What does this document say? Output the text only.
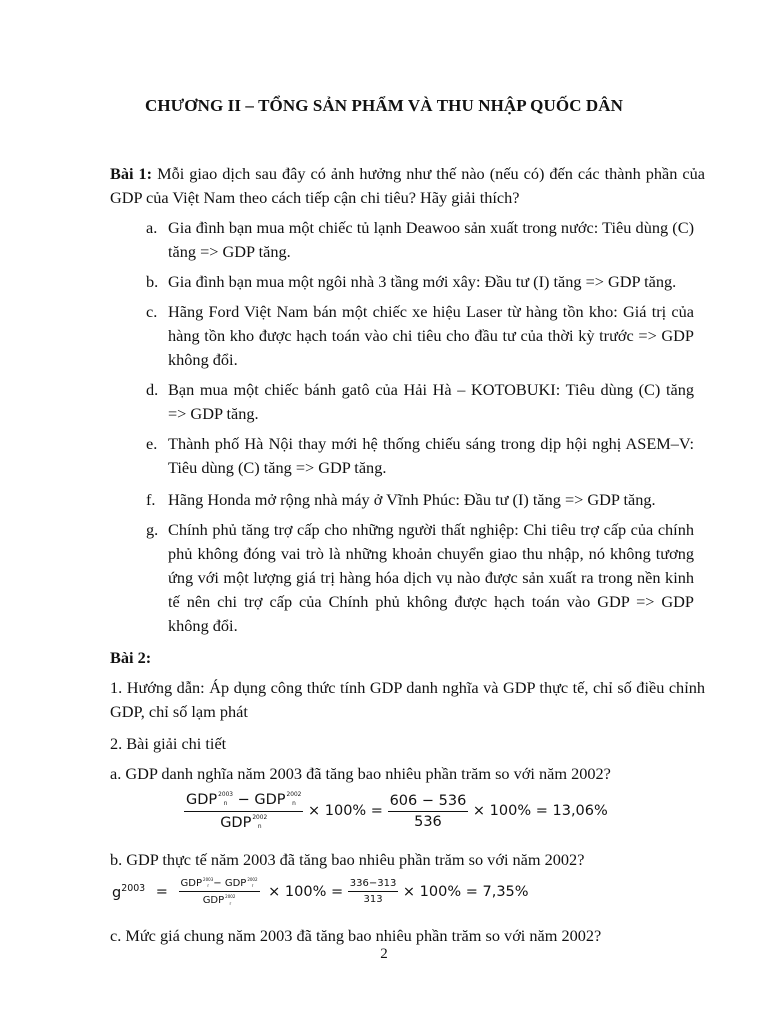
CHƯƠNG II – TỔNG SẢN PHẨM VÀ THU NHẬP QUỐC DÂN
Bài 1: Mỗi giao dịch sau đây có ảnh hưởng như thế nào (nếu có) đến các thành phần của GDP của Việt Nam theo cách tiếp cận chi tiêu? Hãy giải thích?
a. Gia đình bạn mua một chiếc tủ lạnh Deawoo sản xuất trong nước: Tiêu dùng (C) tăng => GDP tăng.
b. Gia đình bạn mua một ngôi nhà 3 tầng mới xây: Đầu tư (I) tăng => GDP tăng.
c. Hãng Ford Việt Nam bán một chiếc xe hiệu Laser từ hàng tồn kho: Giá trị của hàng tồn kho được hạch toán vào chi tiêu cho đầu tư của thời kỳ trước => GDP không đổi.
d. Bạn mua một chiếc bánh gatô của Hải Hà – KOTOBUKI: Tiêu dùng (C) tăng => GDP tăng.
e. Thành phố Hà Nội thay mới hệ thống chiếu sáng trong dịp hội nghị ASEM–V: Tiêu dùng (C) tăng => GDP tăng.
f. Hãng Honda mở rộng nhà máy ở Vĩnh Phúc: Đầu tư (I) tăng => GDP tăng.
g. Chính phủ tăng trợ cấp cho những người thất nghiệp: Chi tiêu trợ cấp của chính phủ không đóng vai trò là những khoản chuyển giao thu nhập, nó không tương ứng với một lượng giá trị hàng hóa dịch vụ nào được sản xuất ra trong nền kinh tế nên chi trợ cấp của Chính phủ không được hạch toán vào GDP => GDP không đổi.
Bài 2:
1. Hướng dẫn: Áp dụng công thức tính GDP danh nghĩa và GDP thực tế, chỉ số điều chỉnh GDP, chỉ số lạm phát
2. Bài giải chi tiết
a. GDP danh nghĩa năm 2003 đã tăng bao nhiêu phần trăm so với năm 2002?
GDP 2003
n − GDP 2002
n
GDP 2002
$n \times 100\% = \frac{606 - 536}{536} \times 100\% = 13,06\%$
b. GDP thực tế năm 2003 đã tăng bao nhiêu phần trăm so với năm 2002?
$g^{2003}$ = GDP 2003
r − GDP 2002
r
GDP 2002
$r \times 100\% = \frac{336-313}{313} \times 100\% = 7,35\%$
c. Mức giá chung năm 2003 đã tăng bao nhiêu phần trăm so với năm 2002?
2
